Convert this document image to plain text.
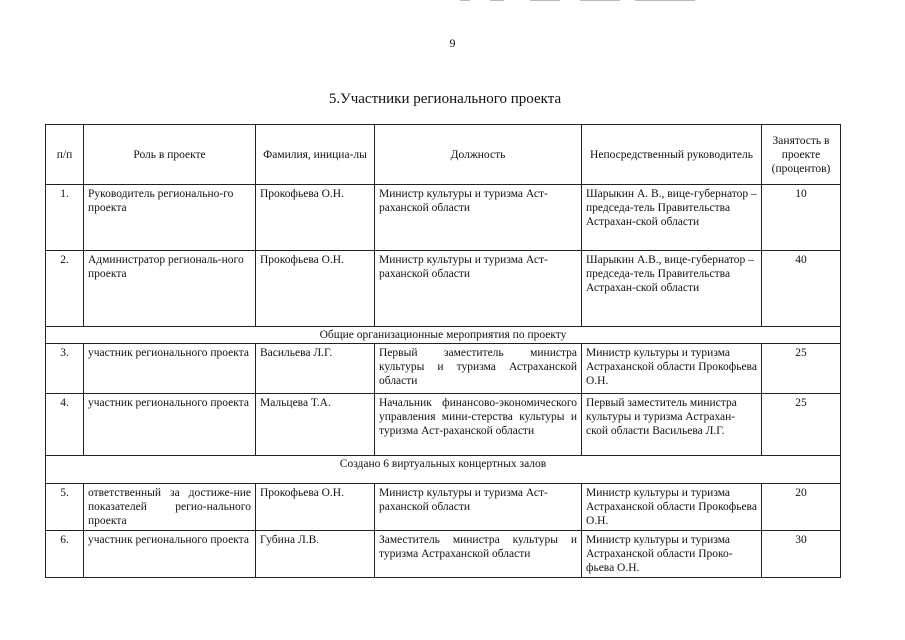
9
5.Участники регионального проекта
п/п	Роль в проекте	Фамилия, инициа-лы	Должность	Непосредственный руководитель	Занятость в проекте (процентов)
1.	Руководитель регионально-го проекта	Прокофьева О.Н.	Министр культуры и туризма Аст-раханской области	Шарыкин А. В., вице-губернатор – председа-тель Правительства Астрахан-ской области	10
2.	Администратор региональ-ного проекта	Прокофьева О.Н.	Министр культуры и туризма Аст-раханской области	Шарыкин А.В., вице-губернатор – председа-тель Правительства Астрахан-ской области	40
Общие организационные мероприятия по проекту					
3.	участник регионального проекта	Васильева Л.Г.	Первый заместитель министра культуры и туризма Астраханской области	Министр культуры и туризма Астраханской области Прокофьева О.Н.	25
4.	участник регионального проекта	Мальцева Т.А.	Начальник финансово-экономического управления мини-стерства культуры и туризма Аст-раханской области	Первый заместитель министра культуры и туризма Астрахан-ской области Васильева Л.Г.	25
Создано 6 виртуальных концертных залов					
5.	ответственный за достиже-ние показателей регио-нального проекта	Прокофьева О.Н.	Министр культуры и туризма Аст-раханской области	Министр культуры и туризма Астраханской области Прокофьева О.Н.	20
6.	участник регионального проекта	Губина Л.В.	Заместитель министра культуры и туризма Астраханской области	Министр культуры и туризма Астраханской области Проко-фьева О.Н.	30
